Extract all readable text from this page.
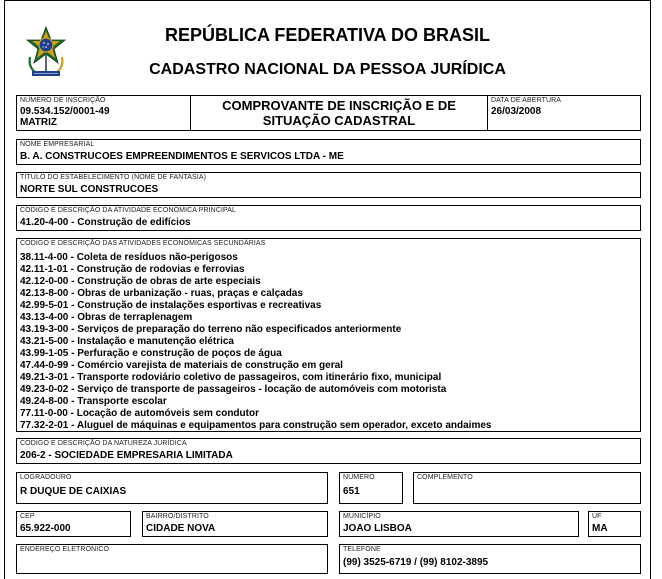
REPÚBLICA FEDERATIVA DO BRASIL
CADASTRO NACIONAL DA PESSOA JURÍDICA
NÚMERO DE INSCRIÇÃO
09.534.152/0001-49
MATRIZ
COMPROVANTE DE INSCRIÇÃO E DE
SITUAÇÃO CADASTRAL
DATA DE ABERTURA
26/03/2008
NOME EMPRESARIAL
B. A. CONSTRUCOES EMPREENDIMENTOS E SERVICOS LTDA - ME
TÍTULO DO ESTABELECIMENTO (NOME DE FANTASIA)
NORTE SUL CONSTRUCOES
CÓDIGO E DESCRIÇÃO DA ATIVIDADE ECONÔMICA PRINCIPAL
41.20-4-00 - Construção de edifícios
CÓDIGO E DESCRIÇÃO DAS ATIVIDADES ECONÔMICAS SECUNDÁRIAS
38.11-4-00 - Coleta de resíduos não-perigosos
42.11-1-01 - Construção de rodovias e ferrovias
42.12-0-00 - Construção de obras de arte especiais
42.13-8-00 - Obras de urbanização - ruas, praças e calçadas
42.99-5-01 - Construção de instalações esportivas e recreativas
43.13-4-00 - Obras de terraplenagem
43.19-3-00 - Serviços de preparação do terreno não especificados anteriormente
43.21-5-00 - Instalação e manutenção elétrica
43.99-1-05 - Perfuração e construção de poços de água
47.44-0-99 - Comércio varejista de materiais de construção em geral
49.21-3-01 - Transporte rodoviário coletivo de passageiros, com itinerário fixo, municipal
49.23-0-02 - Serviço de transporte de passageiros - locação de automóveis com motorista
49.24-8-00 - Transporte escolar
77.11-0-00 - Locação de automóveis sem condutor
77.32-2-01 - Aluguel de máquinas e equipamentos para construção sem operador, exceto andaimes
CÓDIGO E DESCRIÇÃO DA NATUREZA JURÍDICA
206-2 - SOCIEDADE EMPRESARIA LIMITADA
LOGRADOURO
R DUQUE DE CAIXIAS
NÚMERO
651
COMPLEMENTO
CEP
65.922-000
BAIRRO/DISTRITO
CIDADE NOVA
MUNICÍPIO
JOAO LISBOA
UF
MA
ENDEREÇO ELETRÔNICO	TELEFONE
(99) 3525-6719 / (99) 8102-3895
